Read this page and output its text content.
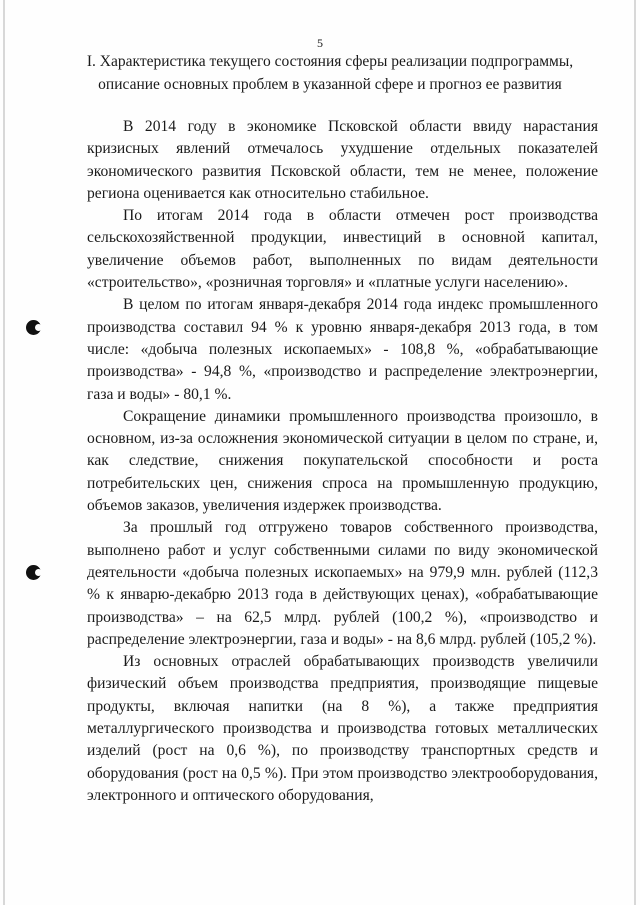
5
I. Характеристика текущего состояния сферы реализации подпрограммы, описание основных проблем в указанной сфере и прогноз ее развития

В 2014 году в экономике Псковской области ввиду нарастания кризисных явлений отмечалось ухудшение отдельных показателей экономического развития Псковской области, тем не менее, положение региона оценивается как относительно стабильное.

По итогам 2014 года в области отмечен рост производства сельскохозяйственной продукции, инвестиций в основной капитал, увеличение объемов работ, выполненных по видам деятельности «строительство», «розничная торговля» и «платные услуги населению».

В целом по итогам января-декабря 2014 года индекс промышленного производства составил 94 % к уровню января-декабря 2013 года, в том числе: «добыча полезных ископаемых» - 108,8 %, «обрабатывающие производства» - 94,8 %, «производство и распределение электроэнергии, газа и воды» - 80,1 %.

Сокращение динамики промышленного производства произошло, в основном, из-за осложнения экономической ситуации в целом по стране, и, как следствие, снижения покупательской способности и роста потребительских цен, снижения спроса на промышленную продукцию, объемов заказов, увеличения издержек производства.

За прошлый год отгружено товаров собственного производства, выполнено работ и услуг собственными силами по виду экономической деятельности «добыча полезных ископаемых» на 979,9 млн. рублей (112,3 % к январю-декабрю 2013 года в действующих ценах), «обрабатывающие производства» – на 62,5 млрд. рублей (100,2 %), «производство и распределение электроэнергии, газа и воды» - на 8,6 млрд. рублей (105,2 %).

Из основных отраслей обрабатывающих производств увеличили физический объем производства предприятия, производящие пищевые продукты, включая напитки (на 8 %), а также предприятия металлургического производства и производства готовых металлических изделий (рост на 0,6 %), по производству транспортных средств и оборудования (рост на 0,5 %). При этом производство электрооборудования, электронного и оптического оборудования,
